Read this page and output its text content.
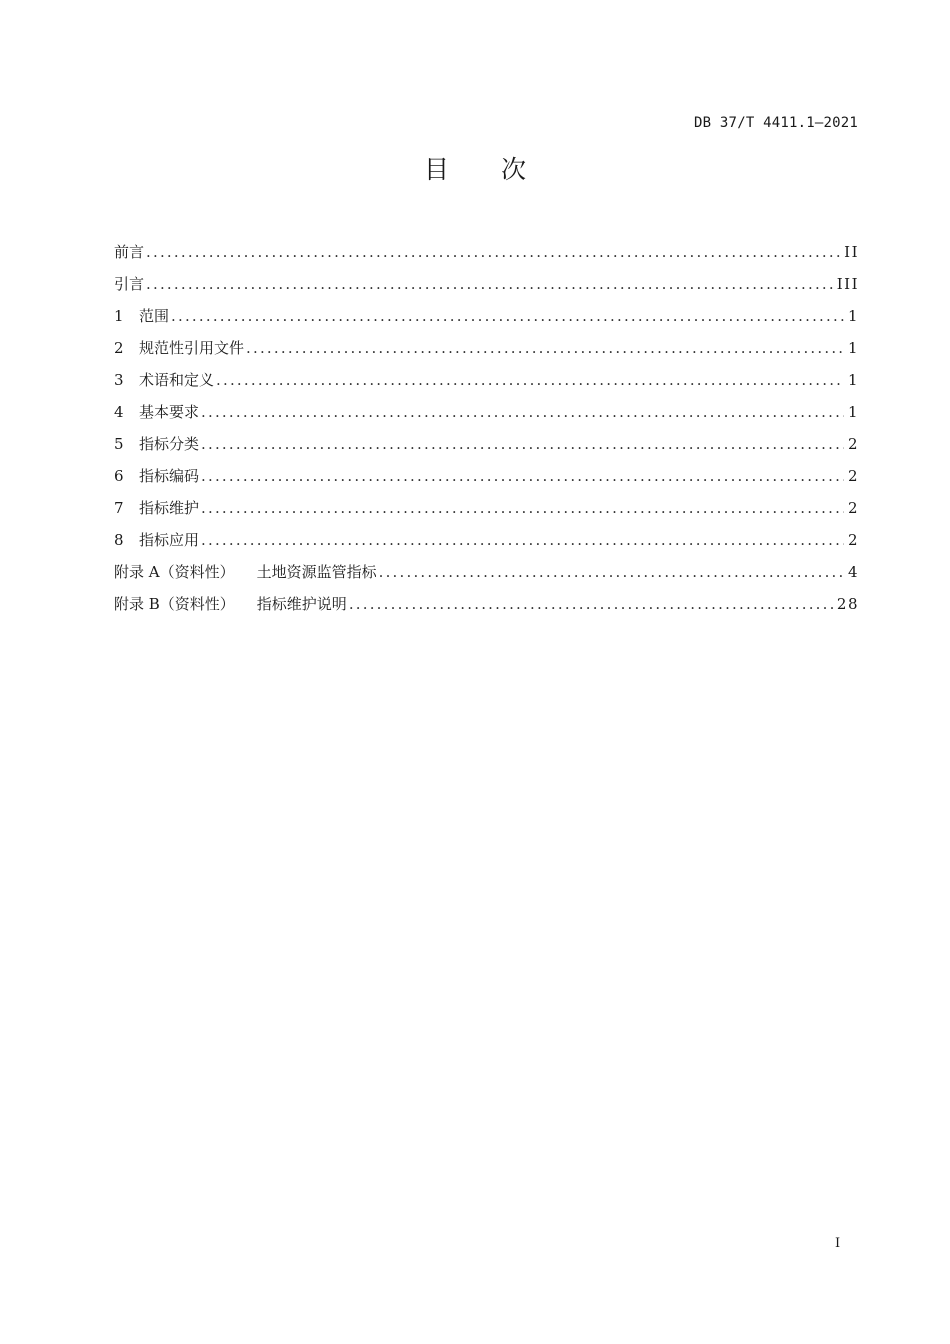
DB 37/T 4411.1—2021
目次
前言 .....	II
引言 .....	III
1	范围 .....	1
2	规范性引用文件 .....	1
3	术语和定义 .....	1
4	基本要求 .....	1
5	指标分类 .....	2
6	指标编码 .....	2
7	指标维护 .....	2
8	指标应用 .....	2
附录 A（资料性） 土地资源监管指标 .....	4
附录 B（资料性） 指标维护说明 .....	28
I
